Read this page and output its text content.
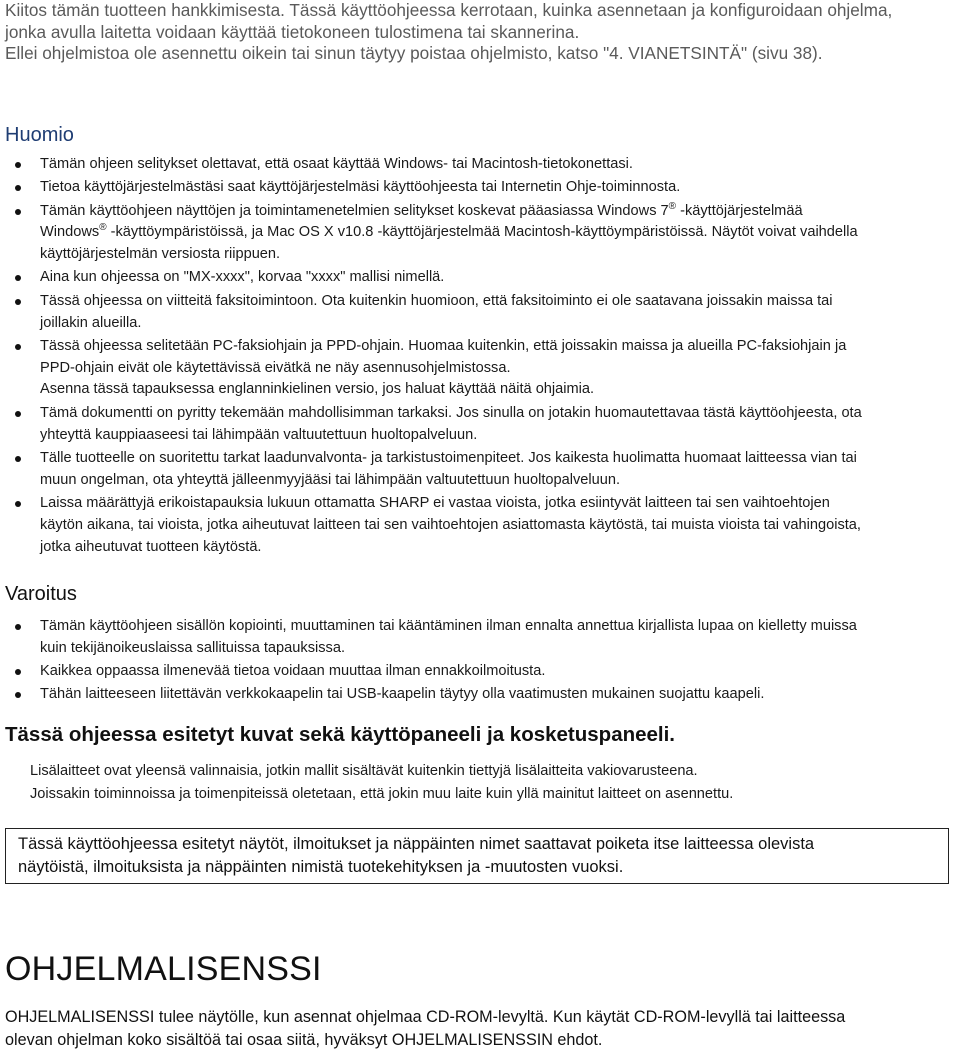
Kiitos tämän tuotteen hankkimisesta. Tässä käyttöohjeessa kerrotaan, kuinka asennetaan ja konfiguroidaan ohjelma,
jonka avulla laitetta voidaan käyttää tietokoneen tulostimena tai skannerina.
Ellei ohjelmistoa ole asennettu oikein tai sinun täytyy poistaa ohjelmisto, katso "4. VIANETSINTÄ" (sivu 38).
Huomio
Tämän ohjeen selitykset olettavat, että osaat käyttää Windows- tai Macintosh-tietokonettasi.
Tietoa käyttöjärjestelmästäsi saat käyttöjärjestelmäsi käyttöohjeesta tai Internetin Ohje-toiminnosta.
Tämän käyttöohjeen näyttöjen ja toimintamenetelmien selitykset koskevat pääasiassa Windows 7® -käyttöjärjestelmää
Windows® -käyttöympäristöissä, ja Mac OS X v10.8 -käyttöjärjestelmää Macintosh-käyttöympäristöissä. Näytöt voivat vaihdella
käyttöjärjestelmän versiosta riippuen.
Aina kun ohjeessa on "MX-xxxx", korvaa "xxxx" mallisi nimellä.
Tässä ohjeessa on viitteitä faksitoimintoon. Ota kuitenkin huomioon, että faksitoiminto ei ole saatavana joissakin maissa tai
joillakin alueilla.
Tässä ohjeessa selitetään PC-faksiohjain ja PPD-ohjain. Huomaa kuitenkin, että joissakin maissa ja alueilla PC-faksiohjain ja
PPD-ohjain eivät ole käytettävissä eivätkä ne näy asennusohjelmistossa.
Asenna tässä tapauksessa englanninkielinen versio, jos haluat käyttää näitä ohjaimia.
Tämä dokumentti on pyritty tekemään mahdollisimman tarkaksi. Jos sinulla on jotakin huomautettavaa tästä käyttöohjeesta, ota
yhteyttä kauppiaaseesi tai lähimpään valtuutettuun huoltopalveluun.
Tälle tuotteelle on suoritettu tarkat laadunvalvonta- ja tarkistustoimenpiteet. Jos kaikesta huolimatta huomaat laitteessa vian tai
muun ongelman, ota yhteyttä jälleenmyyjääsi tai lähimpään valtuutettuun huoltopalveluun.
Laissa määrättyjä erikoistapauksia lukuun ottamatta SHARP ei vastaa vioista, jotka esiintyvät laitteen tai sen vaihtoehtojen
käytön aikana, tai vioista, jotka aiheutuvat laitteen tai sen vaihtoehtojen asiattomasta käytöstä, tai muista vioista tai vahingoista,
jotka aiheutuvat tuotteen käytöstä.
Varoitus
Tämän käyttöohjeen sisällön kopiointi, muuttaminen tai kääntäminen ilman ennalta annettua kirjallista lupaa on kielletty muissa
kuin tekijänoikeuslaissa sallituissa tapauksissa.
Kaikkea oppaassa ilmenevää tietoa voidaan muuttaa ilman ennakkoilmoitusta.
Tähän laitteeseen liitettävän verkkokaapelin tai USB-kaapelin täytyy olla vaatimusten mukainen suojattu kaapeli.
Tässä ohjeessa esitetyt kuvat sekä käyttöpaneeli ja kosketuspaneeli.

Lisälaitteet ovat yleensä valinnaisia, jotkin mallit sisältävät kuitenkin tiettyjä lisälaitteita vakiovarusteena.

Joissakin toiminnoissa ja toimenpiteissä oletetaan, että jokin muu laite kuin yllä mainitut laitteet on asennettu.

Tässä käyttöohjeessa esitetyt näytöt, ilmoitukset ja näppäinten nimet saattavat poiketa itse laitteessa olevista
näytöistä, ilmoituksista ja näppäinten nimistä tuotekehityksen ja -muutosten vuoksi.
OHJELMALISENSSI
OHJELMALISENSSI tulee näytölle, kun asennat ohjelmaa CD-ROM-levyltä. Kun käytät CD-ROM-levyllä tai laitteessa
olevan ohjelman koko sisältöä tai osaa siitä, hyväksyt OHJELMALISENSSIN ehdot.
